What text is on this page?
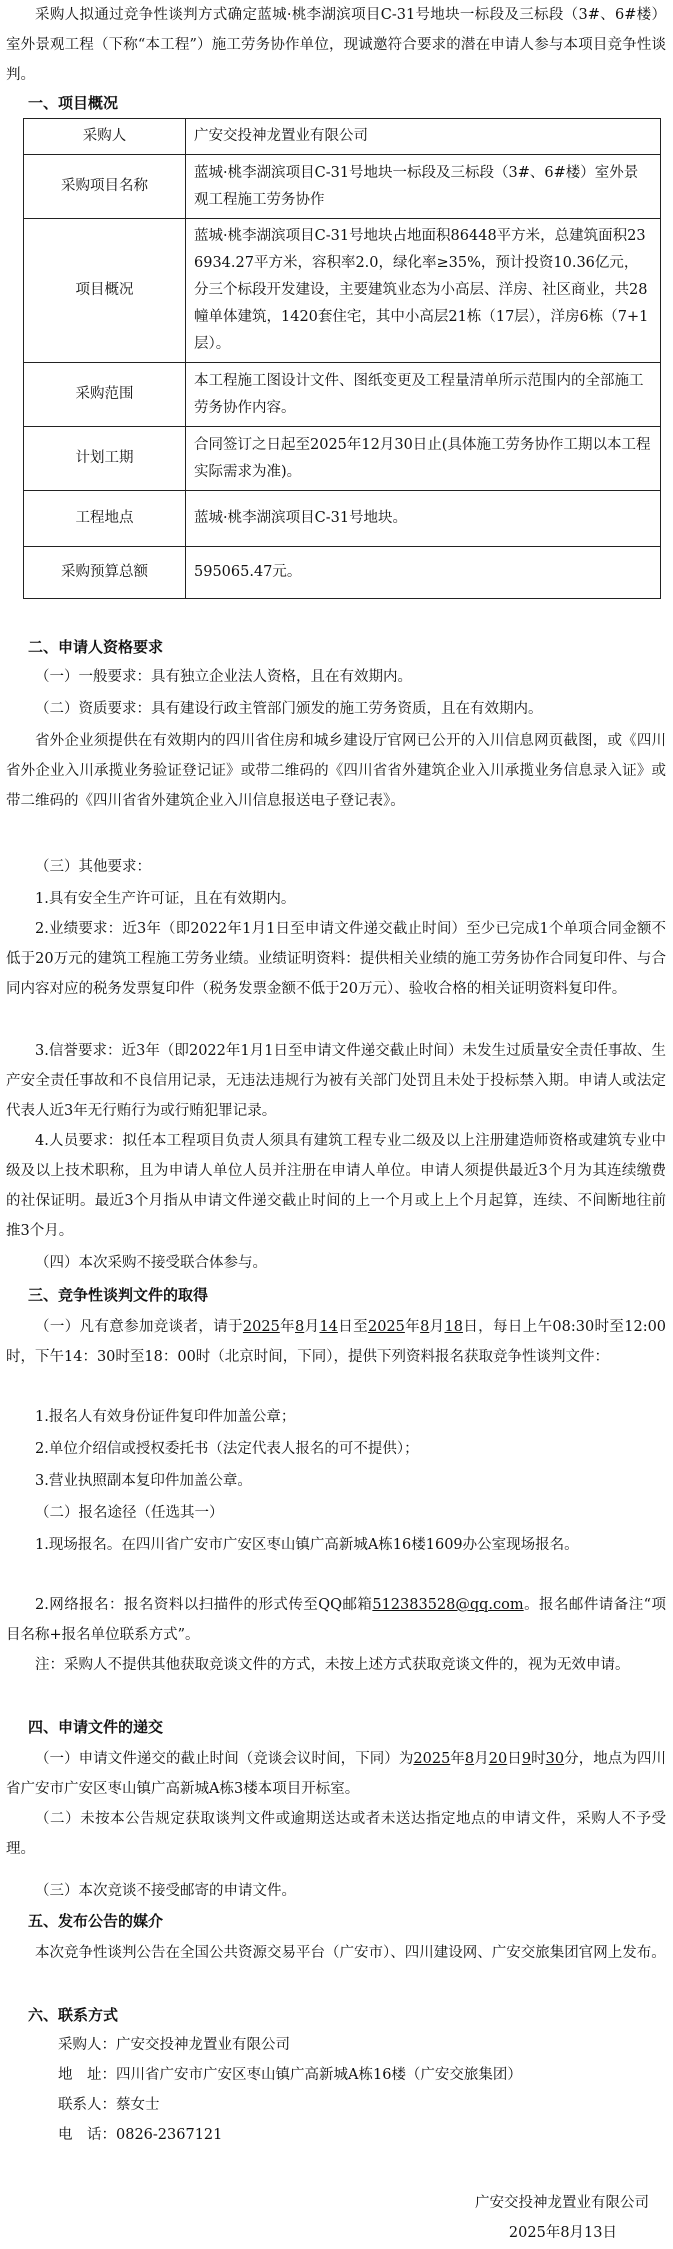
采购人拟通过竞争性谈判方式确定蓝城·桃李湖滨项目C-31号地块一标段及三标段（3#、6#楼）室外景观工程（下称“本工程”）施工劳务协作单位，现诚邀符合要求的潜在申请人参与本项目竞争性谈判。

一、项目概况

采购人	广安交投神龙置业有限公司
采购项目名称	蓝城·桃李湖滨项目C-31号地块一标段及三标段（3#、6#楼）室外景观工程施工劳务协作
项目概况	蓝城·桃李湖滨项目C-31号地块占地面积86448平方米，总建筑面积236934.27平方米，容积率2.0，绿化率≥35%，预计投资10.36亿元，分三个标段开发建设，主要建筑业态为小高层、洋房、社区商业，共28幢单体建筑，1420套住宅，其中小高层21栋（17层），洋房6栋（7+1层）。
采购范围	本工程施工图设计文件、图纸变更及工程量清单所示范围内的全部施工劳务协作内容。
计划工期	合同签订之日起至2025年12月30日止(具体施工劳务协作工期以本工程实际需求为准)。
工程地点	蓝城·桃李湖滨项目C-31号地块。
采购预算总额	595065.47元。

二、申请人资格要求

（一）一般要求：具有独立企业法人资格，且在有效期内。

（二）资质要求：具有建设行政主管部门颁发的施工劳务资质，且在有效期内。

省外企业须提供在有效期内的四川省住房和城乡建设厅官网已公开的入川信息网页截图，或《四川省外企业入川承揽业务验证登记证》或带二维码的《四川省省外建筑企业入川承揽业务信息录入证》或带二维码的《四川省省外建筑企业入川信息报送电子登记表》。

（三）其他要求：

1.具有安全生产许可证，且在有效期内。

2.业绩要求：近3年（即2022年1月1日至申请文件递交截止时间）至少已完成1个单项合同金额不低于20万元的建筑工程施工劳务业绩。业绩证明资料：提供相关业绩的施工劳务协作合同复印件、与合同内容对应的税务发票复印件（税务发票金额不低于20万元）、验收合格的相关证明资料复印件。

3.信誉要求：近3年（即2022年1月1日至申请文件递交截止时间）未发生过质量安全责任事故、生产安全责任事故和不良信用记录，无违法违规行为被有关部门处罚且未处于投标禁入期。申请人或法定代表人近3年无行贿行为或行贿犯罪记录。

4.人员要求：拟任本工程项目负责人须具有建筑工程专业二级及以上注册建造师资格或建筑专业中级及以上技术职称，且为申请人单位人员并注册在申请人单位。申请人须提供最近3个月为其连续缴费的社保证明。最近3个月指从申请文件递交截止时间的上一个月或上上个月起算，连续、不间断地往前推3个月。

（四）本次采购不接受联合体参与。

三、竞争性谈判文件的取得

（一）凡有意参加竞谈者，请于2025年8月14日至2025年8月18日，每日上午08:30时至12:00时，下午14：30时至18：00时（北京时间，下同），提供下列资料报名获取竞争性谈判文件：

1.报名人有效身份证件复印件加盖公章；

2.单位介绍信或授权委托书（法定代表人报名的可不提供）；

3.营业执照副本复印件加盖公章。

（二）报名途径（任选其一）

1.现场报名。在四川省广安市广安区枣山镇广高新城A栋16楼1609办公室现场报名。

2.网络报名：报名资料以扫描件的形式传至QQ邮箱512383528@qq.com。报名邮件请备注“项目名称+报名单位联系方式”。

注：采购人不提供其他获取竞谈文件的方式，未按上述方式获取竞谈文件的，视为无效申请。

四、申请文件的递交

（一）申请文件递交的截止时间（竞谈会议时间，下同）为2025年8月20日9时30分，地点为四川省广安市广安区枣山镇广高新城A栋3楼本项目开标室。

（二）未按本公告规定获取谈判文件或逾期送达或者未送达指定地点的申请文件，采购人不予受理。

（三）本次竞谈不接受邮寄的申请文件。

五、发布公告的媒介

本次竞争性谈判公告在全国公共资源交易平台（广安市）、四川建设网、广安交旅集团官网上发布。

六、联系方式

采购人：广安交投神龙置业有限公司

地　址：四川省广安市广安区枣山镇广高新城A栋16楼（广安交旅集团）

联系人：蔡女士

电　话：0826-2367121

广安交投神龙置业有限公司

2025年8月13日
